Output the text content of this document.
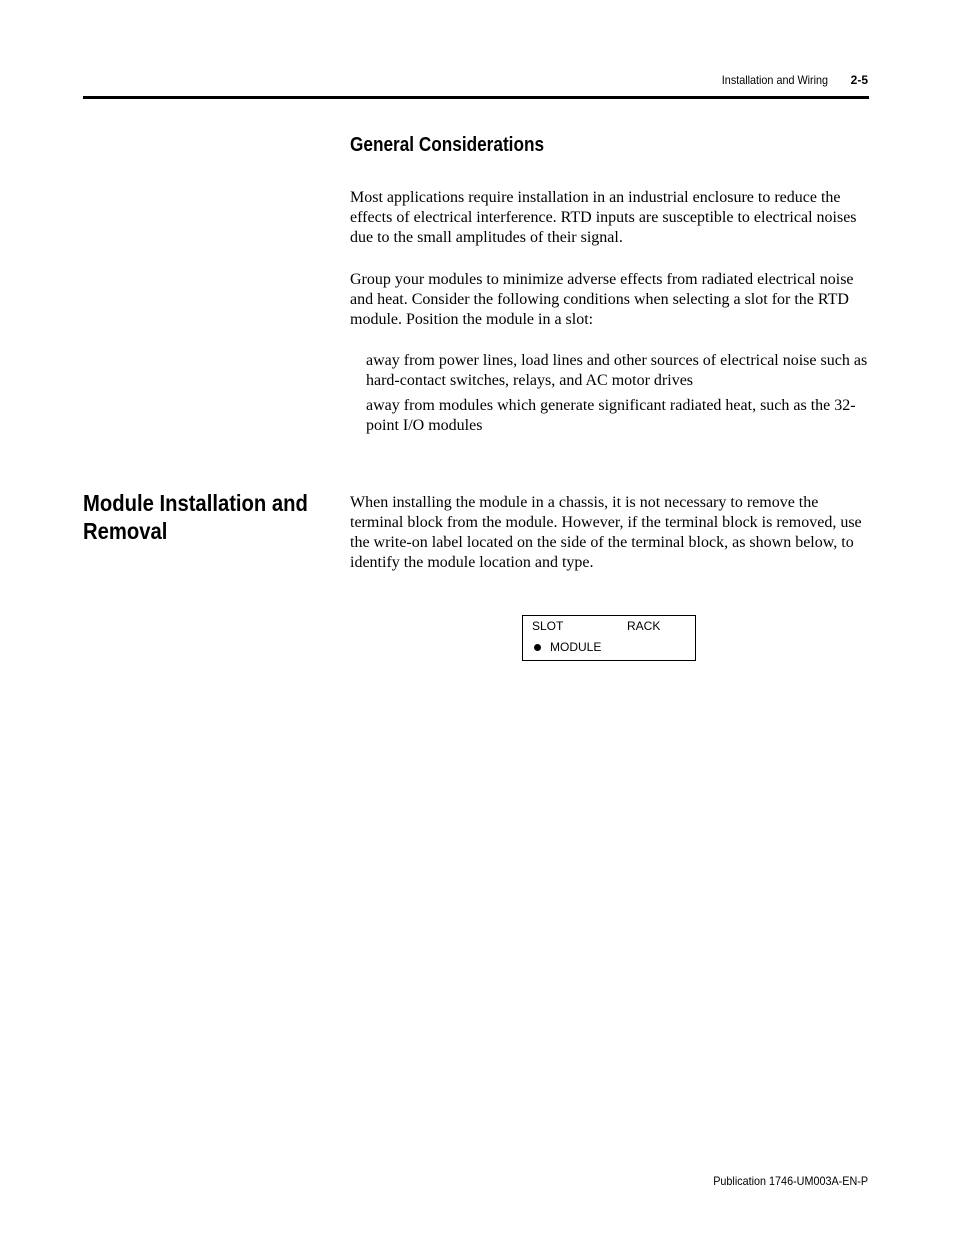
Installation and Wiring 2-5
General Considerations

Most applications require installation in an industrial enclosure to reduce the effects of electrical interference. RTD inputs are susceptible to electrical noises due to the small amplitudes of their signal.

Group your modules to minimize adverse effects from radiated electrical noise and heat. Consider the following conditions when selecting a slot for the RTD module. Position the module in a slot:

away from power lines, load lines and other sources of electrical noise such as hard-contact switches, relays, and AC motor drives

away from modules which generate significant radiated heat, such as the 32-point I/O modules

Module Installation and Removal

When installing the module in a chassis, it is not necessary to remove the terminal block from the module. However, if the terminal block is removed, use the write-on label located on the side of the terminal block, as shown below, to identify the module location and type.

SLOT	RACK
MODULE
Publication 1746-UM003A-EN-P
